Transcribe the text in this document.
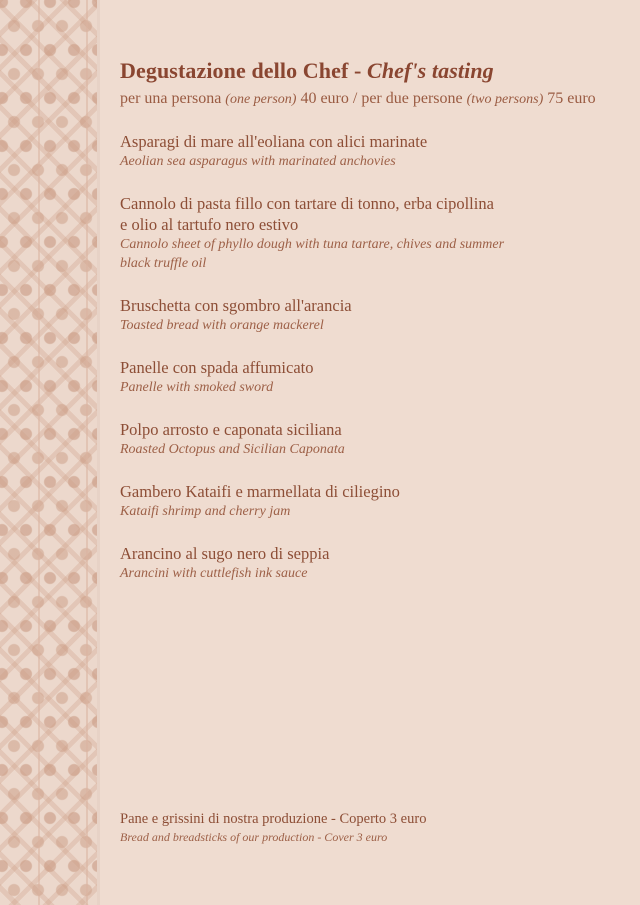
Degustazione dello Chef - Chef's tasting
per una persona (one person) 40 euro / per due persone (two persons) 75 euro
Asparagi di mare all'eoliana con alici marinate
Aeolian sea asparagus with marinated anchovies
Cannolo di pasta fillo con tartare di tonno, erba cipollina
e olio al tartufo nero estivo
Cannolo sheet of phyllo dough with tuna tartare, chives and summer
black truffle oil
Bruschetta con sgombro all'arancia
Toasted bread with orange mackerel
Panelle con spada affumicato
Panelle with smoked sword
Polpo arrosto e caponata siciliana
Roasted Octopus and Sicilian Caponata
Gambero Kataifi e marmellata di ciliegino
Kataifi shrimp and cherry jam
Arancino al sugo nero di seppia
Arancini with cuttlefish ink sauce
Pane e grissini di nostra produzione - Coperto 3 euro
Bread and breadsticks of our production - Cover 3 euro
